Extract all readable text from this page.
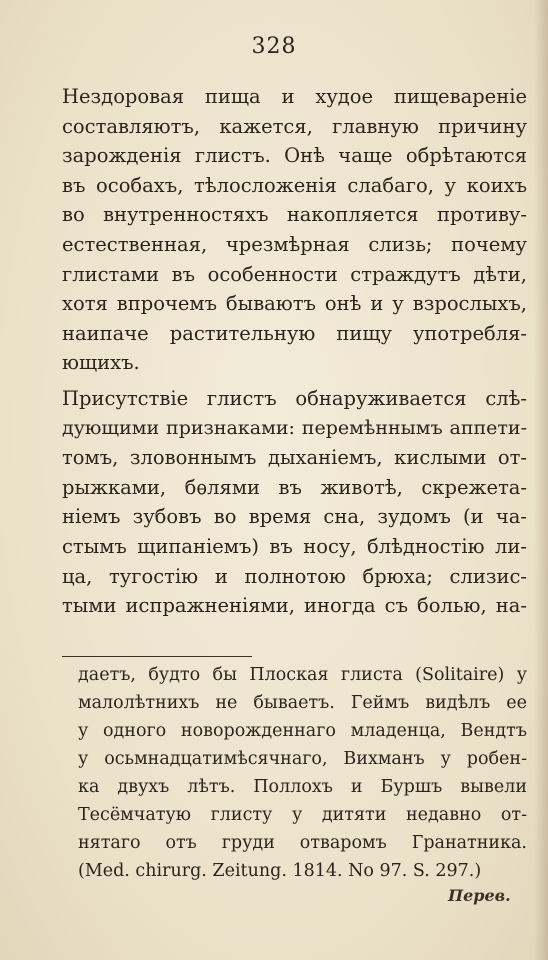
328
Нездоровая пища и худое пищевареніе
составляютъ, кажется, главную причину
зарожденія глистъ. Онѣ чаще обрѣтаются
въ особахъ, тѣлосложенія слабаго, у коихъ
во внутренностяхъ накопляется противу-
естественная, чрезмѣрная слизь; почему
глистами въ особенности страждутъ дѣти,
хотя впрочемъ бываютъ онѣ и у взрослыхъ,
наипаче растительную пищу употребля-
ющихъ.
Присутствіе глистъ обнаруживается слѣ-
дующими признаками: перемѣннымъ аппети-
томъ, зловоннымъ дыханіемъ, кислыми от-
рыжками, бѳлями въ животѣ, скрежета-
ніемъ зубовъ во время сна, зудомъ (и ча-
стымъ щипаніемъ) въ носу, блѣдностію ли-
ца, тугостію и полнотою брюха; слизис-
тыми испражненіями, иногда съ болью, на-
даетъ, будто бы Плоская глиста (Solitaire) у
малолѣтнихъ не бываетъ. Геймъ видѣлъ ее
у одного новорожденнаго младенца, Вендтъ
у осьмнадцатимѣсячнаго, Вихманъ у робен-
ка двухъ лѣтъ. Поллохъ и Буршъ вывели
Тесёмчатую глисту у дитяти недавно от-
нятаго отъ груди отваромъ Гранатника.
(Med. chirurg. Zeitung. 1814. No 97. S. 297.)
Перев.
